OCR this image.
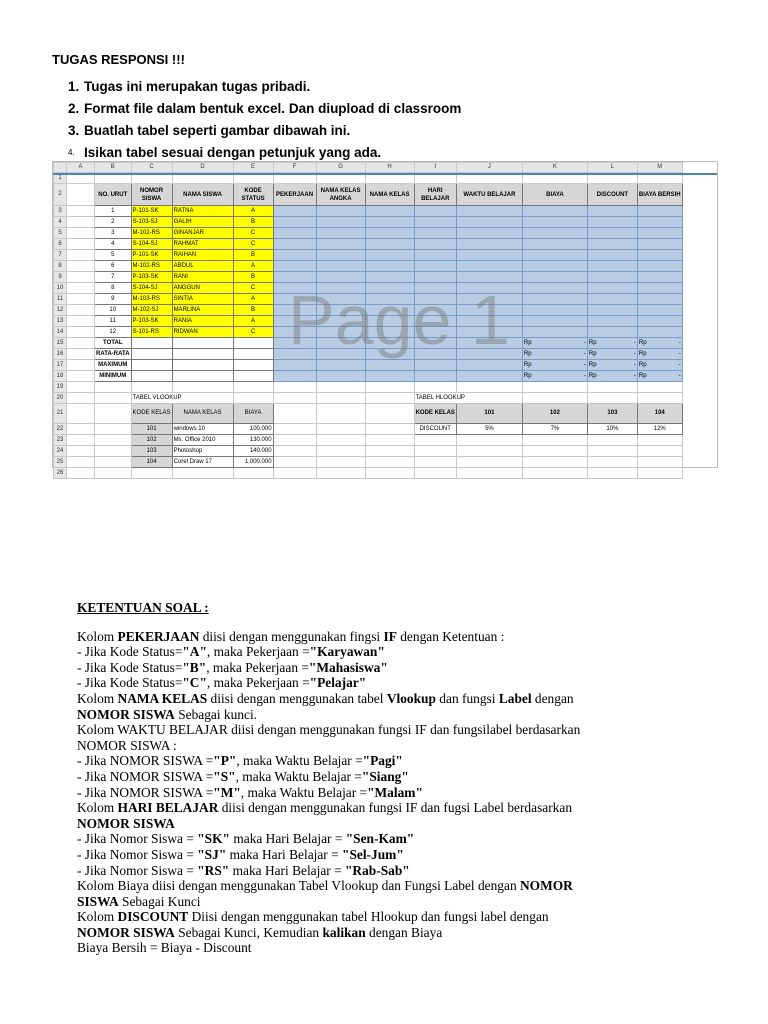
TUGAS RESPONSI !!!
1. Tugas ini merupakan tugas pribadi.
2. Format file dalam bentuk excel. Dan diupload di classroom
3. Buatlah tabel seperti gambar dibawah ini.
4. Isikan tabel sesuai dengan petunjuk yang ada.
	A	B	C	D	E	F	G	H	I	J	K	L	M
1													
2		NO. URUT	NOMOR SISWA	NAMA SISWA	KODE STATUS	PEKERJAAN	NAMA KELAS ANGKA	NAMA KELAS	HARI BELAJAR	WAKTU BELAJAR	BIAYA	DISCOUNT	BIAYA BERSIH
3		1	P-101-SK	RATNA	A								
4		2	S-103-SJ	GALIH	B								
5		3	M-102-RS	GINANJAR	C								
6		4	S-104-SJ	RAHMAT	C								
7		5	P-101-SK	RAIHAN	B								
8		6	M-102-RS	ABDUL	A								
9		7	P-103-SK	RANI	B								
10		8	S-104-SJ	ANGGUN	C								
11		9	M-103-RS	SINTIA	A								
12		10	M-102-SJ	MARLINA	B								
13		11	P-103-SK	RANIA	A								
14		12	S-101-RS	RIDWAN	C								
15		TOTAL									Rp -	Rp -	Rp -

16		RATA-RATA									Rp -	Rp -	Rp -

17		MAXIMUM									Rp -	Rp -	Rp -

18		MINIMUM									Rp -	Rp -	Rp -

19													
20			TABEL VLOOKUP						TABEL HLOOKUP				
21			KODE KELAS	NAMA KELAS	BIAYA				KODE KELAS	101	102	103	104
22			101	windows 10	100.000				DISCOUNT	5%	7%	10%	12%
23			102	Ms. Office 2010	130.000								
24			103	Photoshop	140.000								
25			104	Corel Draw 17	1.000.000								
26													
Page 1
KETENTUAN SOAL :

Kolom PEKERJAAN diisi dengan menggunakan fingsi IF dengan Ketentuan :

- Jika Kode Status="A", maka Pekerjaan ="Karyawan"

- Jika Kode Status="B", maka Pekerjaan ="Mahasiswa"

- Jika Kode Status="C", maka Pekerjaan ="Pelajar"

Kolom NAMA KELAS diisi dengan menggunakan tabel Vlookup dan fungsi Label dengan

NOMOR SISWA Sebagai kunci.

Kolom WAKTU BELAJAR diisi dengan menggunakan fungsi IF dan fungsilabel berdasarkan

NOMOR SISWA :

- Jika NOMOR SISWA ="P", maka Waktu Belajar ="Pagi"

- Jika NOMOR SISWA ="S", maka Waktu Belajar ="Siang"

- Jika NOMOR SISWA ="M", maka Waktu Belajar ="Malam"

Kolom HARI BELAJAR diisi dengan menggunakan fungsi IF dan fugsi Label berdasarkan

NOMOR SISWA

- Jika Nomor Siswa = "SK" maka Hari Belajar = "Sen-Kam"

- Jika Nomor Siswa = "SJ" maka Hari Belajar = "Sel-Jum"

- Jika Nomor Siswa = "RS" maka Hari Belajar = "Rab-Sab"

Kolom Biaya diisi dengan menggunakan Tabel Vlookup dan Fungsi Label dengan NOMOR

SISWA Sebagai Kunci

Kolom DISCOUNT Diisi dengan menggunakan tabel Hlookup dan fungsi label dengan

NOMOR SISWA Sebagai Kunci, Kemudian kalikan dengan Biaya

Biaya Bersih = Biaya - Discount
